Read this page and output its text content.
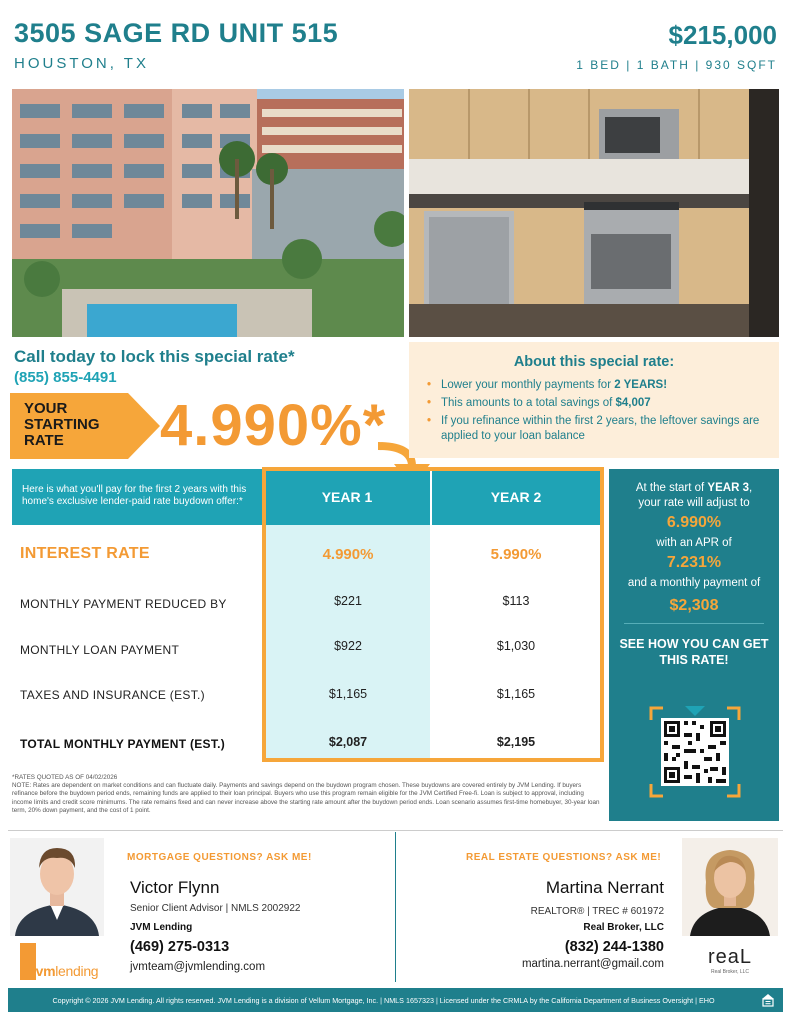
3505 SAGE RD UNIT 515
HOUSTON, TX
$215,000
1 BED | 1 BATH | 930 SQFT
Call today to lock this special rate*
(855) 855-4491
YOUR STARTING RATE	4.990%*
About this special rate:
• Lower your monthly payments for 2 YEARS!
• This amounts to a total savings of $4,007
• If you refinance within the first 2 years, the leftover savings are applied to your loan balance
Here is what you'll pay for the first 2 years with this home's exclusive lender-paid rate buydown offer:*	YEAR 1	YEAR 2
INTEREST RATE	4.990%	5.990%
MONTHLY PAYMENT REDUCED BY	$221	$113
MONTHLY LOAN PAYMENT	$922	$1,030
TAXES AND INSURANCE (EST.)	$1,165	$1,165
TOTAL MONTHLY PAYMENT (EST.)	$2,087	$2,195
At the start of YEAR 3,
your rate will adjust to
6.990%
with an APR of
7.231%
and a monthly payment of
$2,308
SEE HOW YOU CAN GET THIS RATE!
*RATES QUOTED AS OF 04/02/2026
NOTE: Rates are dependent on market conditions and can fluctuate daily. Payments and savings depend on the buydown program chosen. These buydowns are covered entirely by JVM Lending. If buyers refinance before the buydown period ends, remaining funds are applied to their loan principal. Buyers who use this program remain eligible for the JVM Certified Free-fi. Loan is subject to approval, including income limits and credit score minimums. The rate remains fixed and can never increase above the starting rate amount after the buydown period ends. Loan scenario assumes first-time homebuyer, 30-year loan term, 20% down payment, and the cost of 1 point.
MORTGAGE QUESTIONS? ASK ME!
Victor Flynn
Senior Client Advisor | NMLS 2002922
JVM Lending
(469) 275-0313
jvmteam@jvmlending.com
jvmlending
REAL ESTATE QUESTIONS? ASK ME!
Martina Nerrant
REALTOR® | TREC # 601972
Real Broker, LLC
(832) 244-1380
martina.nerrant@gmail.com	reaL
Real Broker, LLC
Copyright © 2026 JVM Lending. All rights reserved. JVM Lending is a division of Vellum Mortgage, Inc. | NMLS 1657323 | Licensed under the CRMLA by the California Department of Business Oversight | EHO
